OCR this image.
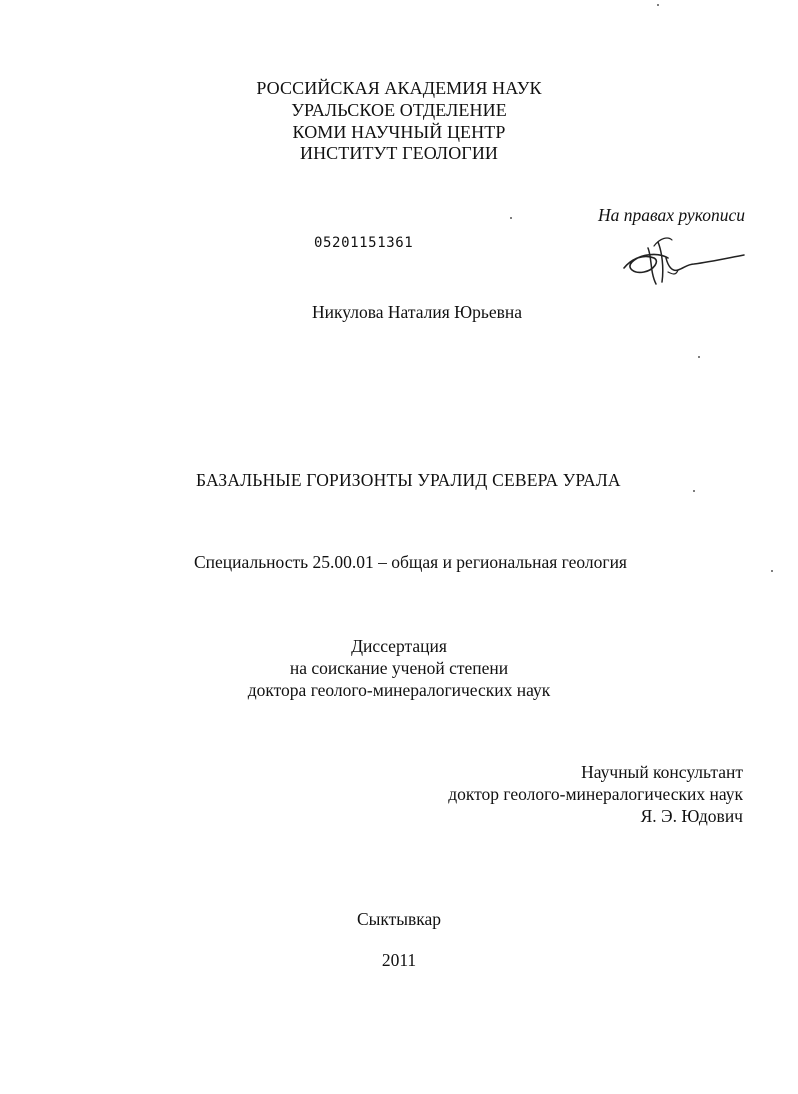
РОССИЙСКАЯ АКАДЕМИЯ НАУК
УРАЛЬСКОЕ ОТДЕЛЕНИЕ
КОМИ НАУЧНЫЙ ЦЕНТР
ИНСТИТУТ ГЕОЛОГИИ
На правах рукописи
05201151361
Никулова Наталия Юрьевна
БАЗАЛЬНЫЕ ГОРИЗОНТЫ УРАЛИД СЕВЕРА УРАЛА
Специальность 25.00.01 – общая и региональная геология
Диссертация
на соискание ученой степени
доктора геолого-минералогических наук
Научный консультант
доктор геолого-минералогических наук
Я. Э. Юдович
Сыктывкар
2011
